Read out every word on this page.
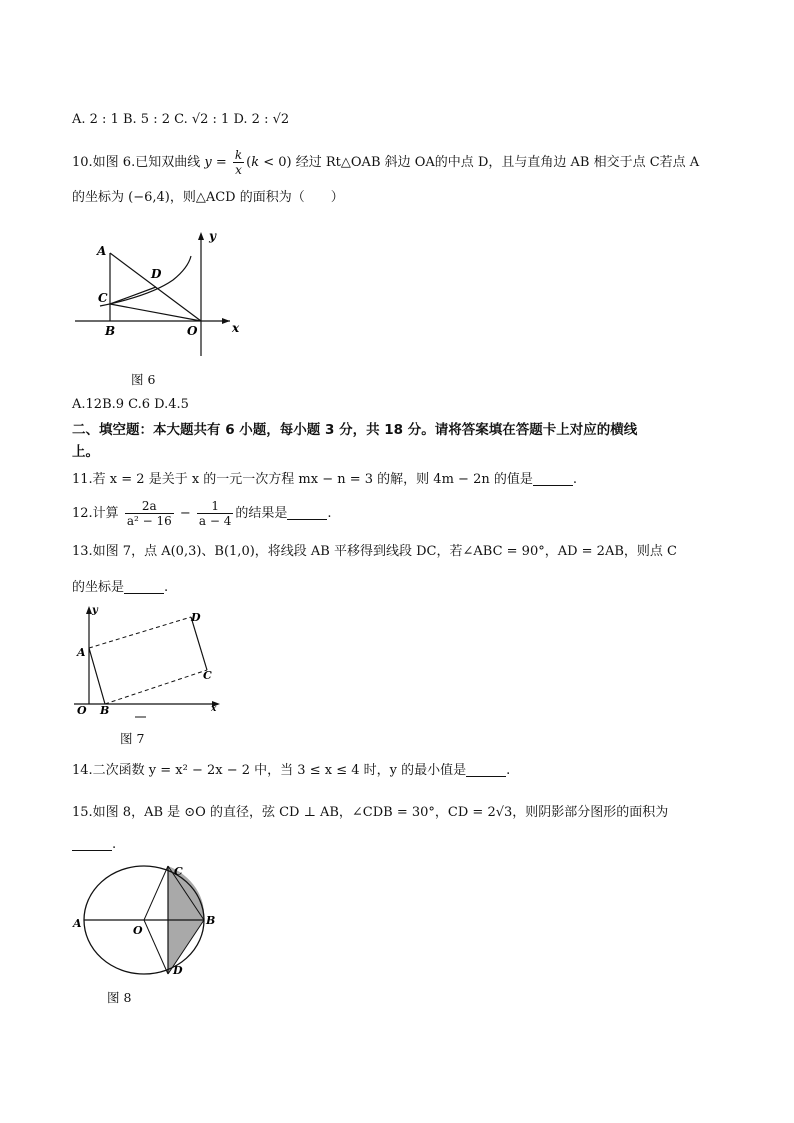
A. 2 : 1 B. 5 : 2 C. √2 : 1 D. 2 : √2
10.如图 6.已知双曲线 $y = \frac{k}{x} (k < 0)$ 经过 Rt△OAB 斜边 OA的中点 D，且与直角边 AB 相交于点 C若点 A
的坐标为 (−6,4)，则△ACD 的面积为（　　）
A
B
C
D
O	x
y
图 6
A.12B.9 C.6 D.4.5
二、填空题：本大题共有 6 小题，每小题 3 分，共 18 分。请将答案填在答题卡上对应的横线
上。
11.若 x = 2 是关于 x 的一元一次方程 mx − n = 3 的解，则 4m − 2n 的值是	.
12.计算 $\frac{2a}{\text{a² − 16}} - \frac{1}{a - 4}$ 的结果是	.
13.如图 7，点 A(0,3)、B(1,0)，将线段 AB 平移得到线段 DC，若∠ABC = 90°，AD = 2AB，则点 C
的坐标是	.
y
A
D
C
O B	x
图 7
14.二次函数 y = x² − 2x − 2 中，当 3 ≤ x ≤ 4 时，y 的最小值是	.
15.如图 8，AB 是 ⊙O 的直径，弦 CD ⊥ AB，∠CDB = 30°，CD = 2√3，则阴影部分图形的面积为
.
C
A
O
B
D
图 8
